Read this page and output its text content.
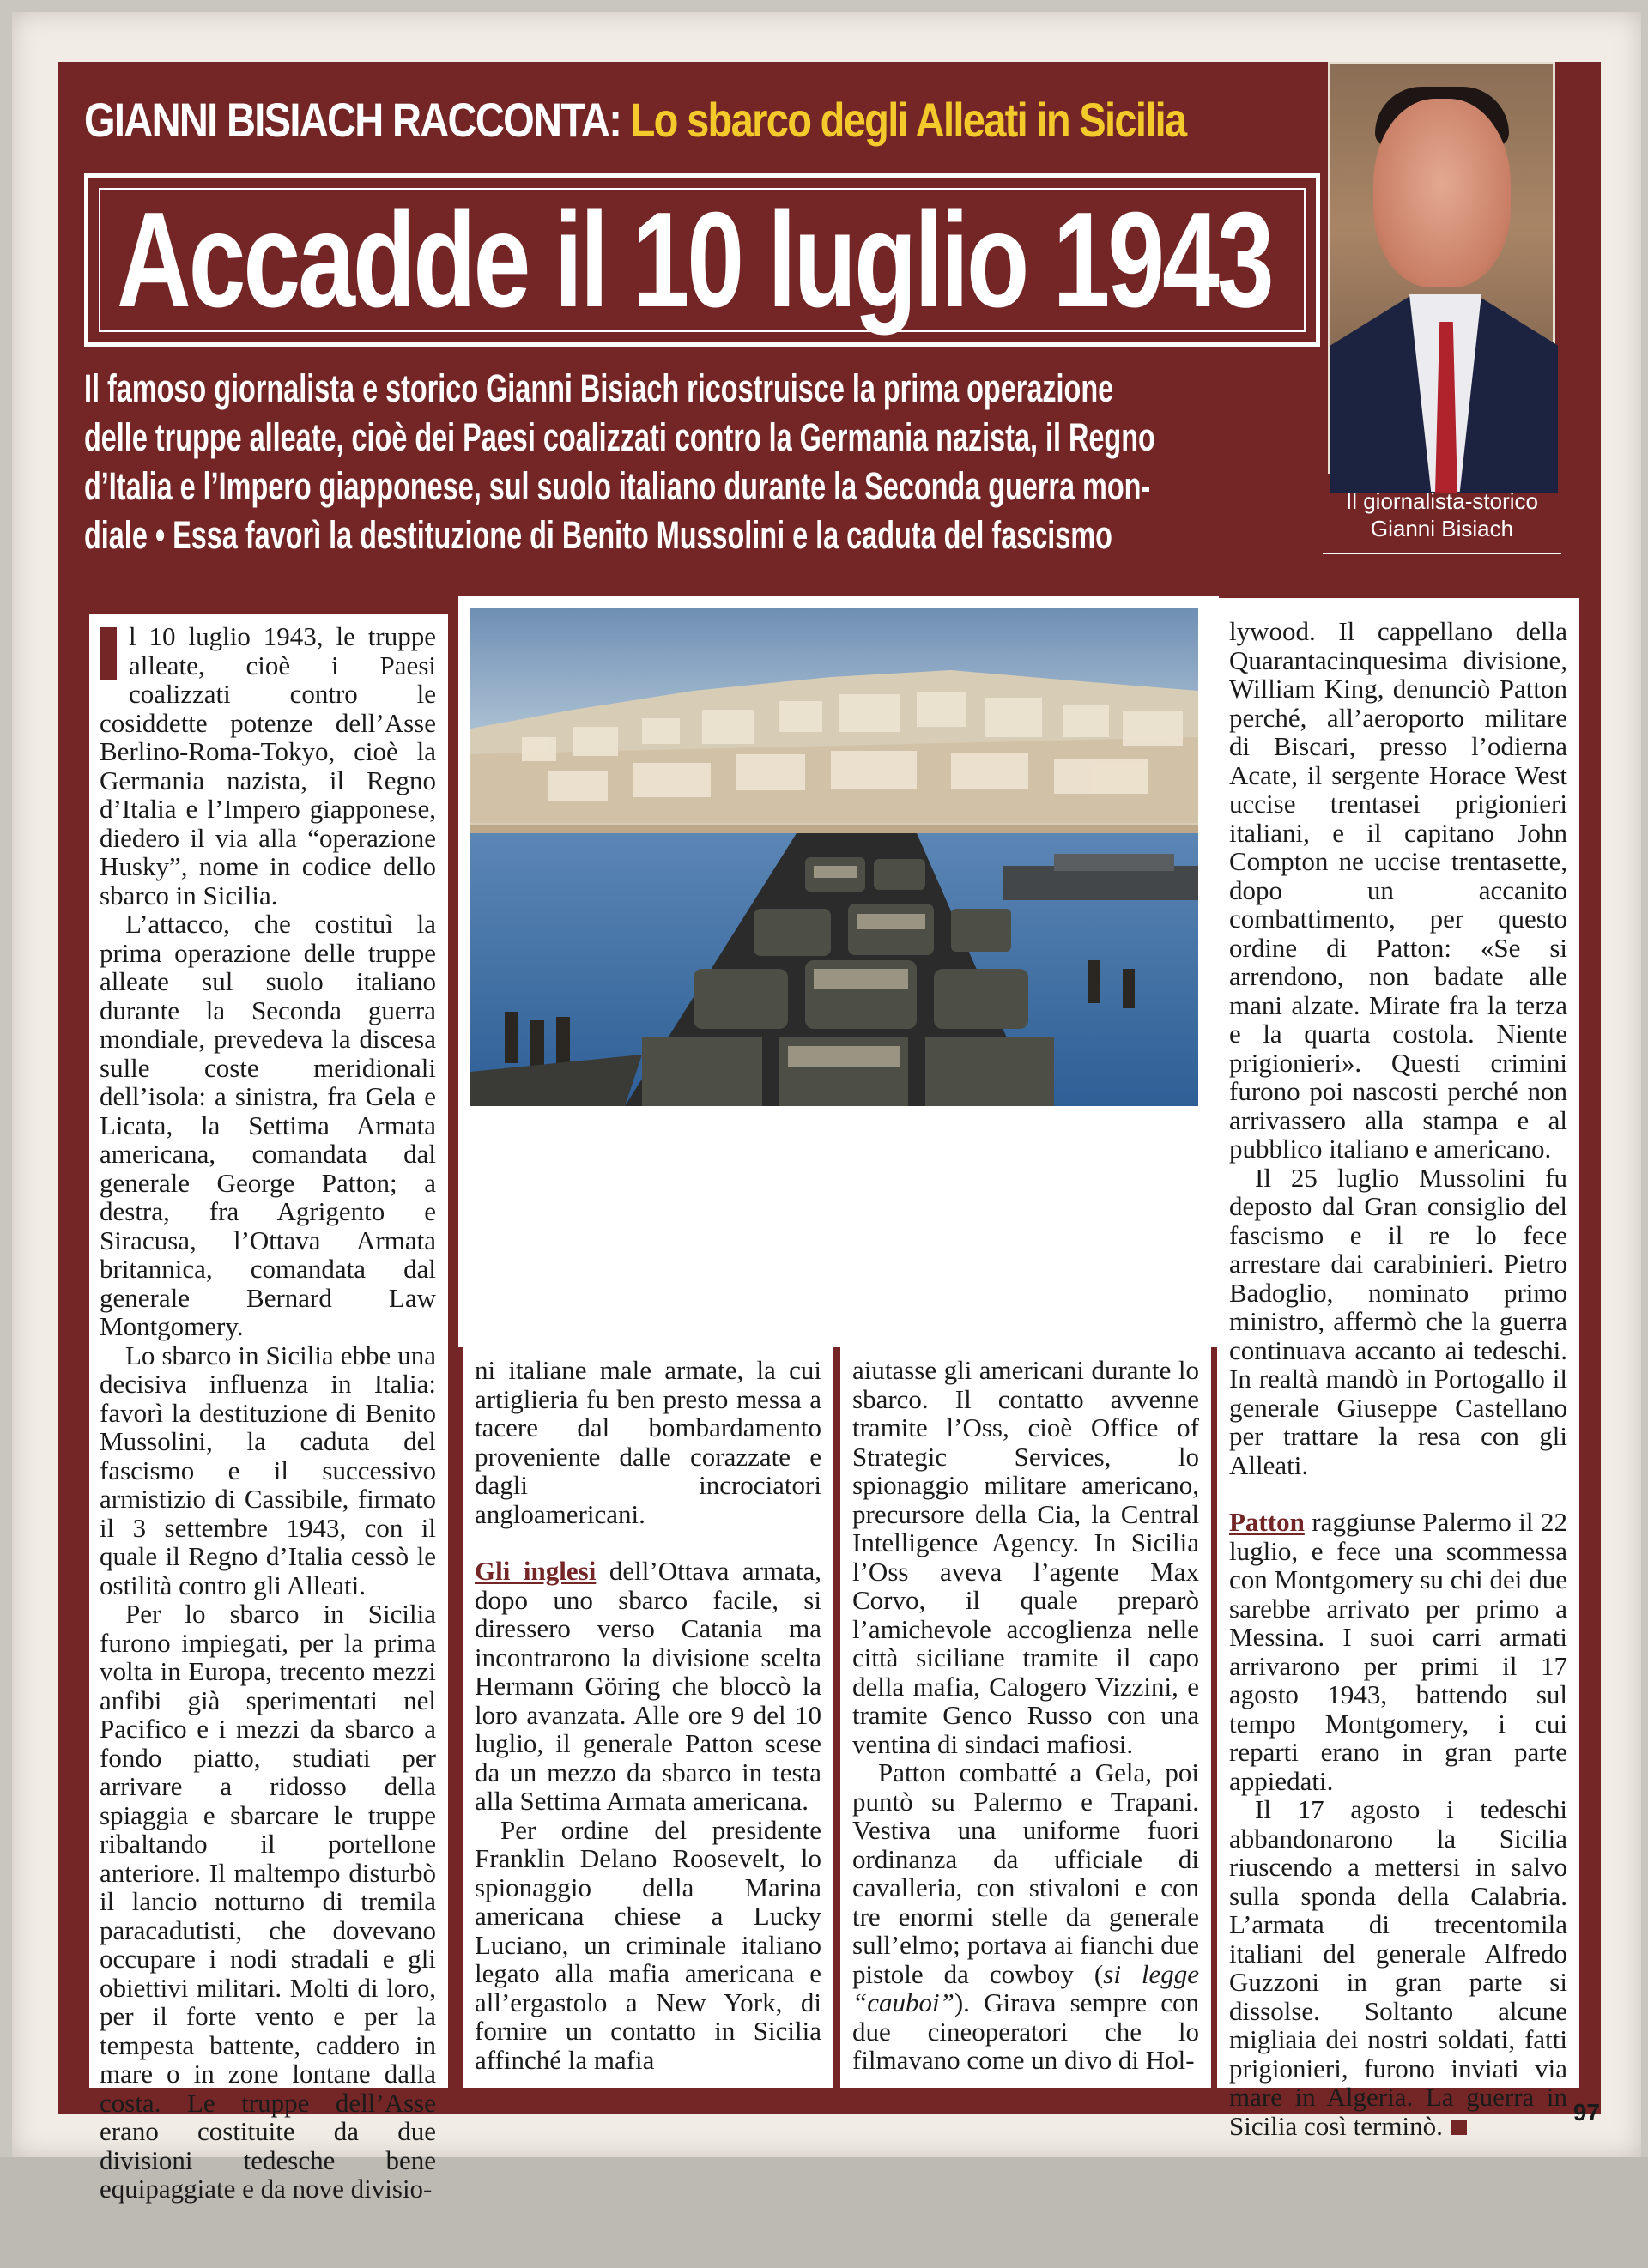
GIANNI BISIACH RACCONTA: Lo sbarco degli Alleati in Sicilia
Accadde il 10 luglio 1943
Il famoso giornalista e storico Gianni Bisiach ricostruisce la prima operazione
delle truppe alleate, cioè dei Paesi coalizzati contro la Germania nazista, il Regno
d’Italia e l’Impero giapponese, sul suolo italiano durante la Seconda guerra mon-
diale • Essa favorì la destituzione di Benito Mussolini e la caduta del fascismo
Il giornalista-storico
Gianni Bisiach

l 10 luglio 1943, le truppe alleate, cioè i Paesi coalizzati contro le cosiddette potenze dell’Asse Berlino-Roma-Tokyo, cioè la Germania nazista, il Regno d’Italia e l’Impero giapponese, diedero il via alla “operazione Husky”, nome in codice dello sbarco in Sicilia.

L’attacco, che costituì la prima operazione delle truppe alleate sul suolo italiano durante la Seconda guerra mondiale, prevedeva la discesa sulle coste meridionali dell’isola: a sinistra, fra Gela e Licata, la Settima Armata americana, comandata dal generale George Patton; a destra, fra Agrigento e Siracusa, l’Ottava Armata britannica, comandata dal generale Bernard Law Montgomery.

Lo sbarco in Sicilia ebbe una decisiva influenza in Italia: favorì la destituzione di Benito Mussolini, la caduta del fascismo e il successivo armistizio di Cassibile, firmato il 3 settembre 1943, con il quale il Regno d’Italia cessò le ostilità contro gli Alleati.

Per lo sbarco in Sicilia furono impiegati, per la prima volta in Europa, trecento mezzi anfibi già sperimentati nel Pacifico e i mezzi da sbarco a fondo piatto, studiati per arrivare a ridosso della spiaggia e sbarcare le truppe ribaltando il portellone anteriore. Il maltempo disturbò il lancio notturno di tremila paracadutisti, che dovevano occupare i nodi stradali e gli obiettivi militari. Molti di loro, per il forte vento e per la tempesta battente, caddero in mare o in zone lontane dalla costa. Le truppe dell’Asse erano costituite da due divisioni tedesche bene equipaggiate e da nove divisio-

Il 10 luglio 1943, le truppe alleate angloamericane diedero il via alla “operazio-
ne Husky”, nome in codice dello sbarco in Sicilia: ecco un momento dello sbar-
co della Settima Armata americana, comandata dal generale George Patton, a
Gela. Per lo sbarco in Sicilia furono impiegati per la prima volta in Europa tre-
cento mezzi anfibi e i mezzi da sbarco a fondo piatto, studiati per arrivare a
ridosso della spiaggia e sbarcare le truppe ribaltando il portellone anteriore.

ni italiane male armate, la cui artiglieria fu ben presto messa a tacere dal bombardamento proveniente dalle corazzate e dagli incrociatori angloamericani.

Gli inglesi dell’Ottava armata, dopo uno sbarco facile, si diressero verso Catania ma incontrarono la divisione scelta Hermann Göring che bloccò la loro avanzata. Alle ore 9 del 10 luglio, il generale Patton scese da un mezzo da sbarco in testa alla Settima Armata americana.

Per ordine del presidente Franklin Delano Roosevelt, lo spionaggio della Marina americana chiese a Lucky Luciano, un criminale italiano legato alla mafia americana e all’ergastolo a New York, di fornire un contatto in Sicilia affinché la mafia

aiutasse gli americani durante lo sbarco. Il contatto avvenne tramite l’Oss, cioè Office of Strategic Services, lo spionaggio militare americano, precursore della Cia, la Central Intelligence Agency. In Sicilia l’Oss aveva l’agente Max Corvo, il quale preparò l’amichevole accoglienza nelle città siciliane tramite il capo della mafia, Calogero Vizzini, e tramite Genco Russo con una ventina di sindaci mafiosi.

Patton combatté a Gela, poi puntò su Palermo e Trapani. Vestiva una uniforme fuori ordinanza da ufficiale di cavalleria, con stivaloni e con tre enormi stelle da generale sull’elmo; portava ai fianchi due pistole da cowboy (si legge “cauboi”). Girava sempre con due cineoperatori che lo filmavano come un divo di Hol-

lywood. Il cappellano della Quarantacinquesima divisione, William King, denunciò Patton perché, all’aeroporto militare di Biscari, presso l’odierna Acate, il sergente Horace West uccise trentasei prigionieri italiani, e il capitano John Compton ne uccise trentasette, dopo un accanito combattimento, per questo ordine di Patton: «Se si arrendono, non badate alle mani alzate. Mirate fra la terza e la quarta costola. Niente prigionieri». Questi crimini furono poi nascosti perché non arrivassero alla stampa e al pubblico italiano e americano.

Il 25 luglio Mussolini fu deposto dal Gran consiglio del fascismo e il re lo fece arrestare dai carabinieri. Pietro Badoglio, nominato primo ministro, affermò che la guerra continuava accanto ai tedeschi. In realtà mandò in Portogallo il generale Giuseppe Castellano per trattare la resa con gli Alleati.

Patton raggiunse Palermo il 22 luglio, e fece una scommessa con Montgomery su chi dei due sarebbe arrivato per primo a Messina. I suoi carri armati arrivarono per primi il 17 agosto 1943, battendo sul tempo Montgomery, i cui reparti erano in gran parte appiedati.

Il 17 agosto i tedeschi abbandonarono la Sicilia riuscendo a mettersi in salvo sulla sponda della Calabria. L’armata di trecentomila italiani del generale Alfredo Guzzoni in gran parte si dissolse. Soltanto alcune migliaia dei nostri soldati, fatti prigionieri, furono inviati via mare in Algeria. La guerra in Sicilia così terminò.	97
